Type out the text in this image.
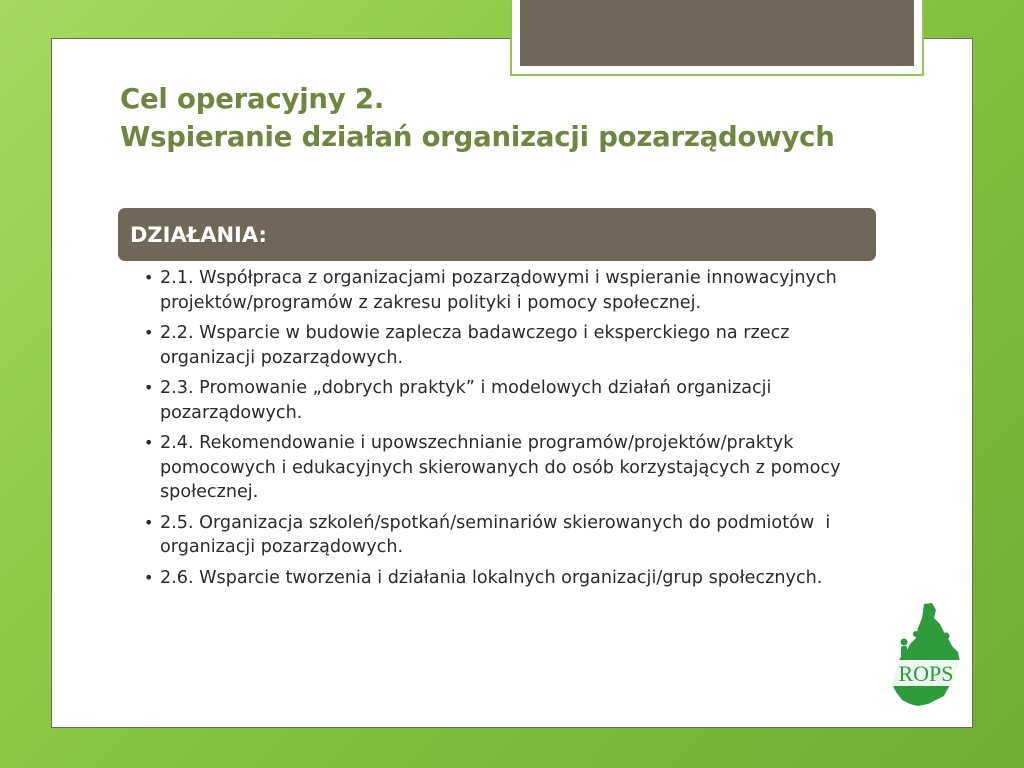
Cel operacyjny 2.
Wspieranie działań organizacji pozarządowych
DZIAŁANIA:
• 2.1. Współpraca z organizacjami pozarządowymi i wspieranie innowacyjnych projektów/programów z zakresu polityki i pomocy społecznej.
• 2.2. Wsparcie w budowie zaplecza badawczego i eksperckiego na rzecz organizacji pozarządowych.
• 2.3. Promowanie „dobrych praktyk” i modelowych działań organizacji pozarządowych.
• 2.4. Rekomendowanie i upowszechnianie programów/projektów/praktyk pomocowych i edukacyjnych skierowanych do osób korzystających z pomocy społecznej.
• 2.5. Organizacja szkoleń/spotkań/seminariów skierowanych do podmiotów  i organizacji pozarządowych.
• 2.6. Wsparcie tworzenia i działania lokalnych organizacji/grup społecznych.
ROPS
W BIAŁYMSTOKU
